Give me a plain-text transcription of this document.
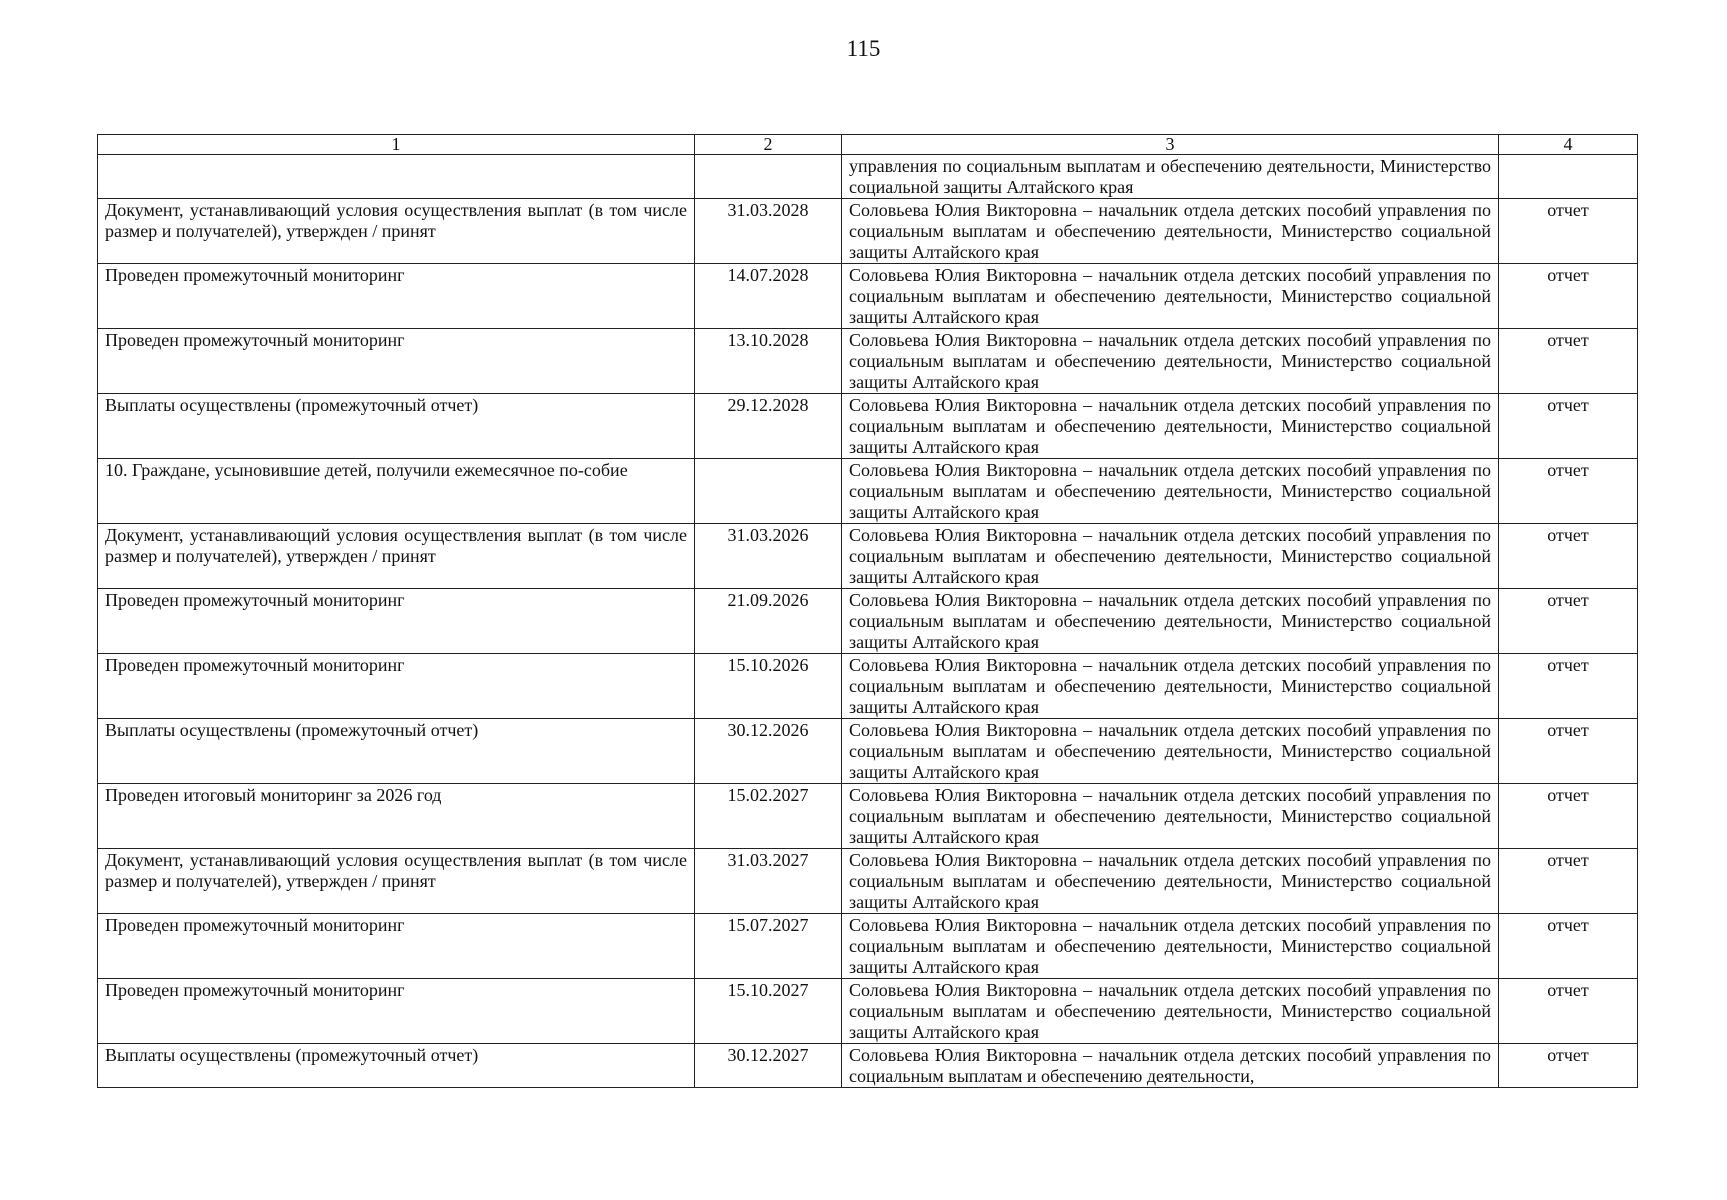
115
1	2	3	4
		управления по социальным выплатам и обеспечению деятельности, Министерство социальной защиты Алтайского края	
Документ, устанавливающий условия осуществления выплат (в том числе размер и получателей), утвержден / принят	31.03.2028	Соловьева Юлия Викторовна – начальник отдела детских пособий управления по социальным выплатам и обеспечению деятельности, Министерство социальной защиты Алтайского края	отчет
Проведен промежуточный мониторинг	14.07.2028	Соловьева Юлия Викторовна – начальник отдела детских пособий управления по социальным выплатам и обеспечению деятельности, Министерство социальной защиты Алтайского края	отчет
Проведен промежуточный мониторинг	13.10.2028	Соловьева Юлия Викторовна – начальник отдела детских пособий управления по социальным выплатам и обеспечению деятельности, Министерство социальной защиты Алтайского края	отчет
Выплаты осуществлены (промежуточный отчет)	29.12.2028	Соловьева Юлия Викторовна – начальник отдела детских пособий управления по социальным выплатам и обеспечению деятельности, Министерство социальной защиты Алтайского края	отчет
10. Граждане, усыновившие детей, получили ежемесячное по-собие		Соловьева Юлия Викторовна – начальник отдела детских пособий управления по социальным выплатам и обеспечению деятельности, Министерство социальной защиты Алтайского края	отчет
Документ, устанавливающий условия осуществления выплат (в том числе размер и получателей), утвержден / принят	31.03.2026	Соловьева Юлия Викторовна – начальник отдела детских пособий управления по социальным выплатам и обеспечению деятельности, Министерство социальной защиты Алтайского края	отчет
Проведен промежуточный мониторинг	21.09.2026	Соловьева Юлия Викторовна – начальник отдела детских пособий управления по социальным выплатам и обеспечению деятельности, Министерство социальной защиты Алтайского края	отчет
Проведен промежуточный мониторинг	15.10.2026	Соловьева Юлия Викторовна – начальник отдела детских пособий управления по социальным выплатам и обеспечению деятельности, Министерство социальной защиты Алтайского края	отчет
Выплаты осуществлены (промежуточный отчет)	30.12.2026	Соловьева Юлия Викторовна – начальник отдела детских пособий управления по социальным выплатам и обеспечению деятельности, Министерство социальной защиты Алтайского края	отчет
Проведен итоговый мониторинг за 2026 год	15.02.2027	Соловьева Юлия Викторовна – начальник отдела детских пособий управления по социальным выплатам и обеспечению деятельности, Министерство социальной защиты Алтайского края	отчет
Документ, устанавливающий условия осуществления выплат (в том числе размер и получателей), утвержден / принят	31.03.2027	Соловьева Юлия Викторовна – начальник отдела детских пособий управления по социальным выплатам и обеспечению деятельности, Министерство социальной защиты Алтайского края	отчет
Проведен промежуточный мониторинг	15.07.2027	Соловьева Юлия Викторовна – начальник отдела детских пособий управления по социальным выплатам и обеспечению деятельности, Министерство социальной защиты Алтайского края	отчет
Проведен промежуточный мониторинг	15.10.2027	Соловьева Юлия Викторовна – начальник отдела детских пособий управления по социальным выплатам и обеспечению деятельности, Министерство социальной защиты Алтайского края	отчет
Выплаты осуществлены (промежуточный отчет)	30.12.2027	Соловьева Юлия Викторовна – начальник отдела детских пособий управления по социальным выплатам и обеспечению деятельности,	отчет
